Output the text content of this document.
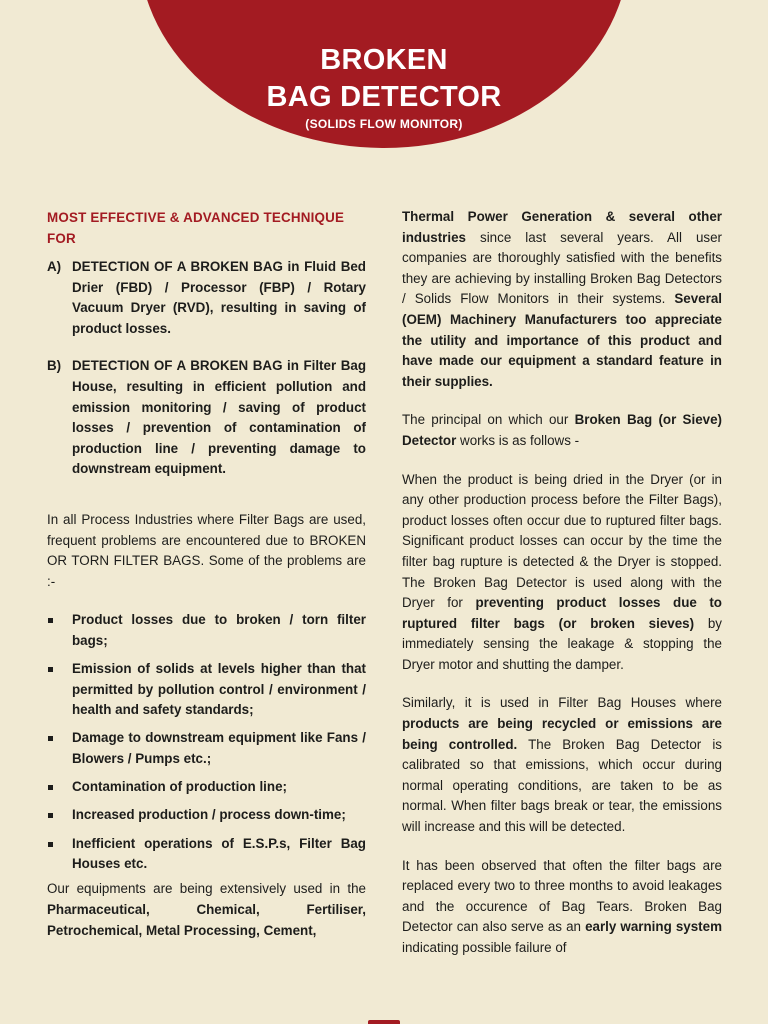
BROKEN
BAG DETECTOR
(SOLIDS FLOW MONITOR)

MOST EFFECTIVE & ADVANCED TECHNIQUE FOR

A) DETECTION OF A BROKEN BAG in Fluid Bed Drier (FBD) / Processor (FBP) / Rotary Vacuum Dryer (RVD), resulting in saving of product losses.

B) DETECTION OF A BROKEN BAG in Filter Bag House, resulting in efficient pollution and emission monitoring / saving of product losses / prevention of contamination of production line / preventing damage to downstream equipment.

In all Process Industries where Filter Bags are used, frequent problems are encountered due to BROKEN OR TORN FILTER BAGS. Some of the problems are :-

Product losses due to broken / torn filter bags;
Emission of solids at levels higher than that permitted by pollution control / environment / health and safety standards;
Damage to downstream equipment like Fans / Blowers / Pumps etc.;
Contamination of production line;
Increased production / process down-time;
Inefficient operations of E.S.P.s, Filter Bag Houses etc.

Our equipments are being extensively used in the Pharmaceutical, Chemical, Fertiliser, Petrochemical, Metal Processing, Cement,

Thermal Power Generation & several other industries since last several years. All user companies are thoroughly satisfied with the benefits they are achieving by installing Broken Bag Detectors / Solids Flow Monitors in their systems. Several (OEM) Machinery Manufacturers too appreciate the utility and importance of this product and have made our equipment a standard feature in their supplies.

The principal on which our Broken Bag (or Sieve) Detector works is as follows -

When the product is being dried in the Dryer (or in any other production process before the Filter Bags), product losses often occur due to ruptured filter bags. Significant product losses can occur by the time the filter bag rupture is detected & the Dryer is stopped. The Broken Bag Detector is used along with the Dryer for preventing product losses due to ruptured filter bags (or broken sieves) by immediately sensing the leakage & stopping the Dryer motor and shutting the damper.

Similarly, it is used in Filter Bag Houses where products are being recycled or emissions are being controlled. The Broken Bag Detector is calibrated so that emissions, which occur during normal operating conditions, are taken to be as normal. When filter bags break or tear, the emissions will increase and this will be detected.

It has been observed that often the filter bags are replaced every two to three months to avoid leakages and the occurence of Bag Tears. Broken Bag Detector can also serve as an early warning system indicating possible failure of
